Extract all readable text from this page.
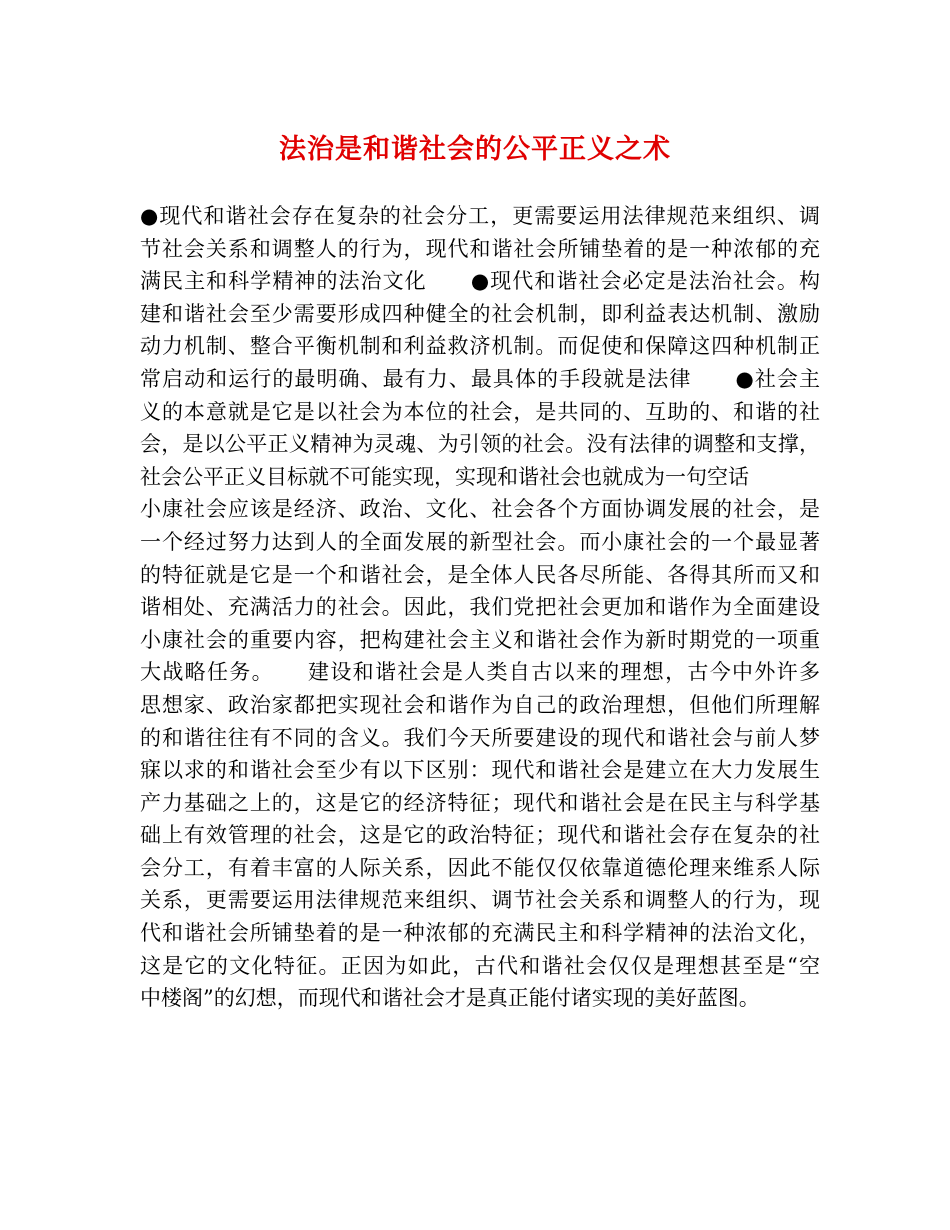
法治是和谐社会的公平正义之术
●现代和谐社会存在复杂的社会分工，更需要运用法律规范来组织、调
节社会关系和调整人的行为，现代和谐社会所铺垫着的是一种浓郁的充
满民主和科学精神的法治文化　　●现代和谐社会必定是法治社会。构
建和谐社会至少需要形成四种健全的社会机制，即利益表达机制、激励
动力机制、整合平衡机制和利益救济机制。而促使和保障这四种机制正
常启动和运行的最明确、最有力、最具体的手段就是法律　　●社会主
义的本意就是它是以社会为本位的社会，是共同的、互助的、和谐的社
会，是以公平正义精神为灵魂、为引领的社会。没有法律的调整和支撑，
社会公平正义目标就不可能实现，实现和谐社会也就成为一句空话
小康社会应该是经济、政治、文化、社会各个方面协调发展的社会，是
一个经过努力达到人的全面发展的新型社会。而小康社会的一个最显著
的特征就是它是一个和谐社会，是全体人民各尽所能、各得其所而又和
谐相处、充满活力的社会。因此，我们党把社会更加和谐作为全面建设
小康社会的重要内容，把构建社会主义和谐社会作为新时期党的一项重
大战略任务。　　建设和谐社会是人类自古以来的理想，古今中外许多
思想家、政治家都把实现社会和谐作为自己的政治理想，但他们所理解
的和谐往往有不同的含义。我们今天所要建设的现代和谐社会与前人梦
寐以求的和谐社会至少有以下区别：现代和谐社会是建立在大力发展生
产力基础之上的，这是它的经济特征；现代和谐社会是在民主与科学基
础上有效管理的社会，这是它的政治特征；现代和谐社会存在复杂的社
会分工，有着丰富的人际关系，因此不能仅仅依靠道德伦理来维系人际
关系，更需要运用法律规范来组织、调节社会关系和调整人的行为，现
代和谐社会所铺垫着的是一种浓郁的充满民主和科学精神的法治文化，
这是它的文化特征。正因为如此，古代和谐社会仅仅是理想甚至是“空
中楼阁”的幻想，而现代和谐社会才是真正能付诸实现的美好蓝图。
